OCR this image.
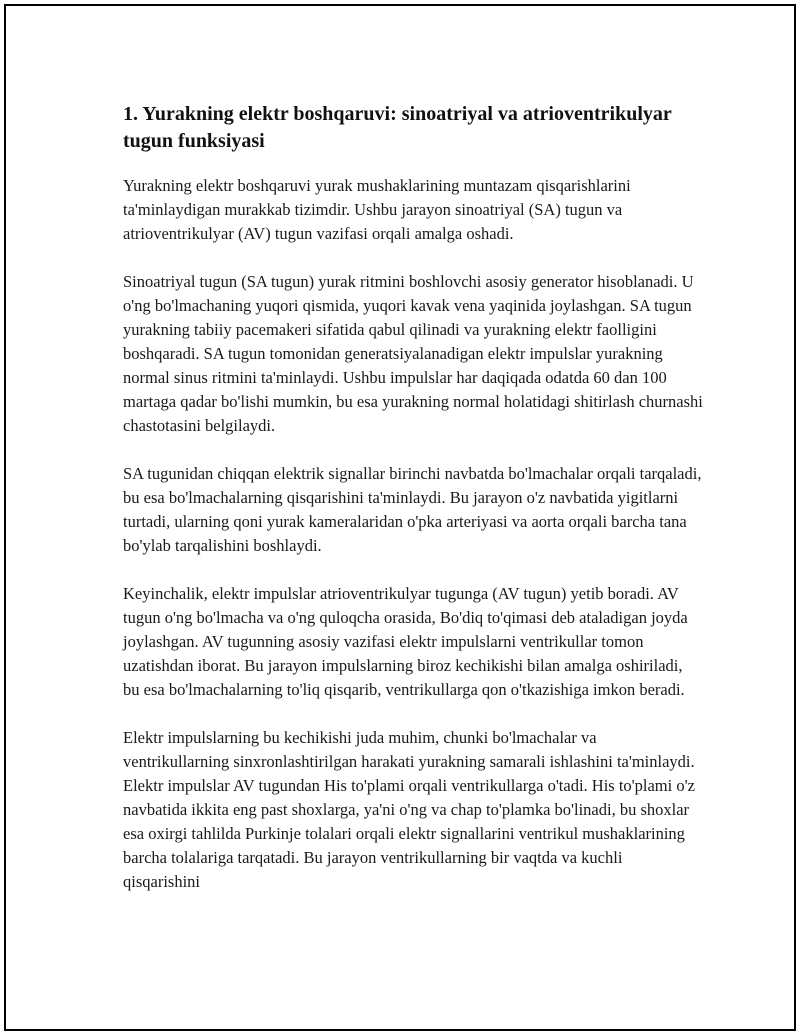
1. Yurakning elektr boshqaruvi: sinoatriyal va atrioventrikulyar tugun funksiyasi

Yurakning elektr boshqaruvi yurak mushaklarining muntazam qisqarishlarini ta'minlaydigan murakkab tizimdir. Ushbu jarayon sinoatriyal (SA) tugun va atrioventrikulyar (AV) tugun vazifasi orqali amalga oshadi.

Sinoatriyal tugun (SA tugun) yurak ritmini boshlovchi asosiy generator hisoblanadi. U o'ng bo'lmachaning yuqori qismida, yuqori kavak vena yaqinida joylashgan. SA tugun yurakning tabiiy pacemakeri sifatida qabul qilinadi va yurakning elektr faolligini boshqaradi. SA tugun tomonidan generatsiyalanadigan elektr impulslar yurakning normal sinus ritmini ta'minlaydi. Ushbu impulslar har daqiqada odatda 60 dan 100 martaga qadar bo'lishi mumkin, bu esa yurakning normal holatidagi shitirlash churnashi chastotasini belgilaydi.

SA tugunidan chiqqan elektrik signallar birinchi navbatda bo'lmachalar orqali tarqaladi, bu esa bo'lmachalarning qisqarishini ta'minlaydi. Bu jarayon o'z navbatida yigitlarni turtadi, ularning qoni yurak kameralaridan o'pka arteriyasi va aorta orqali barcha tana bo'ylab tarqalishini boshlaydi.

Keyinchalik, elektr impulslar atrioventrikulyar tugunga (AV tugun) yetib boradi. AV tugun o'ng bo'lmacha va o'ng quloqcha orasida, Bo'diq to'qimasi deb ataladigan joyda joylashgan. AV tugunning asosiy vazifasi elektr impulslarni ventrikullar tomon uzatishdan iborat. Bu jarayon impulslarning biroz kechikishi bilan amalga oshiriladi, bu esa bo'lmachalarning to'liq qisqarib, ventrikullarga qon o'tkazishiga imkon beradi.

Elektr impulslarning bu kechikishi juda muhim, chunki bo'lmachalar va ventrikullarning sinxronlashtirilgan harakati yurakning samarali ishlashini ta'minlaydi. Elektr impulslar AV tugundan His to'plami orqali ventrikullarga o'tadi. His to'plami o'z navbatida ikkita eng past shoxlarga, ya'ni o'ng va chap to'plamka bo'linadi, bu shoxlar esa oxirgi tahlilda Purkinje tolalari orqali elektr signallarini ventrikul mushaklarining barcha tolalariga tarqatadi. Bu jarayon ventrikullarning bir vaqtda va kuchli qisqarishini
